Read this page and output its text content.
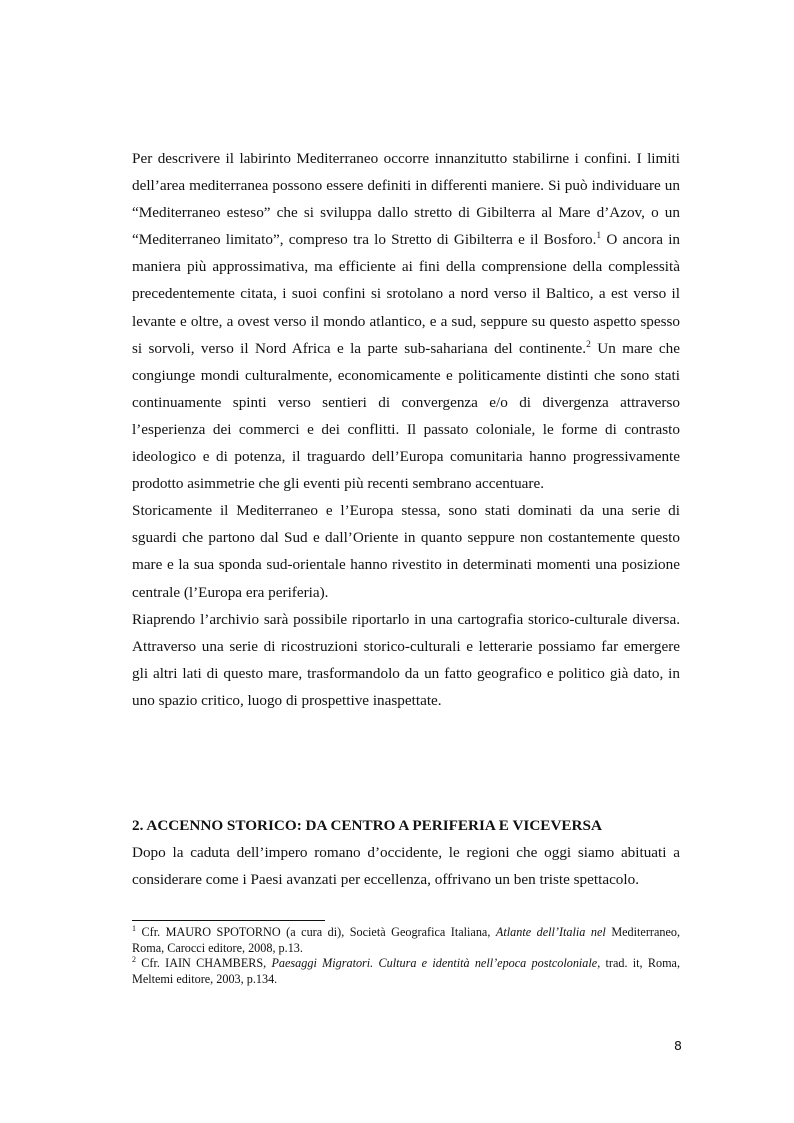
Per descrivere il labirinto Mediterraneo occorre innanzitutto stabilirne i confini. I limiti dell’area mediterranea possono essere definiti in differenti maniere. Si può individuare un “Mediterraneo esteso” che si sviluppa dallo stretto di Gibilterra al Mare d’Azov, o un “Mediterraneo limitato”, compreso tra lo Stretto di Gibilterra e il Bosforo.$^1$ O ancora in maniera più approssimativa, ma efficiente ai fini della comprensione della complessità precedentemente citata, i suoi confini si srotolano a nord verso il Baltico, a est verso il levante e oltre, a ovest verso il mondo atlantico, e a sud, seppure su questo aspetto spesso si sorvoli, verso il Nord Africa e la parte sub-sahariana del continente.$^2$ Un mare che congiunge mondi culturalmente, economicamente e politicamente distinti che sono stati continuamente spinti verso sentieri di convergenza e/o di divergenza attraverso l’esperienza dei commerci e dei conflitti. Il passato coloniale, le forme di contrasto ideologico e di potenza, il traguardo dell’Europa comunitaria hanno progressivamente prodotto asimmetrie che gli eventi più recenti sembrano accentuare.

Storicamente il Mediterraneo e l’Europa stessa, sono stati dominati da una serie di sguardi che partono dal Sud e dall’Oriente in quanto seppure non costantemente questo mare e la sua sponda sud-orientale hanno rivestito in determinati momenti una posizione centrale (l’Europa era periferia).

Riaprendo l’archivio sarà possibile riportarlo in una cartografia storico-culturale diversa. Attraverso una serie di ricostruzioni storico-culturali e letterarie possiamo far emergere gli altri lati di questo mare, trasformandolo da un fatto geografico e politico già dato, in uno spazio critico, luogo di prospettive inaspettate.

2. ACCENNO STORICO: DA CENTRO A PERIFERIA E VICEVERSA

Dopo la caduta dell’impero romano d’occidente, le regioni che oggi siamo abituati a considerare come i Paesi avanzati per eccellenza, offrivano un ben triste spettacolo.

$^1$ Cfr. MAURO SPOTORNO (a cura di), Società Geografica Italiana, Atlante dell’Italia nel Mediterraneo, Roma, Carocci editore, 2008, p.13.

$^2$ Cfr. IAIN CHAMBERS, Paesaggi Migratori. Cultura e identità nell’epoca postcoloniale, trad. it, Roma, Meltemi editore, 2003, p.134.

8
